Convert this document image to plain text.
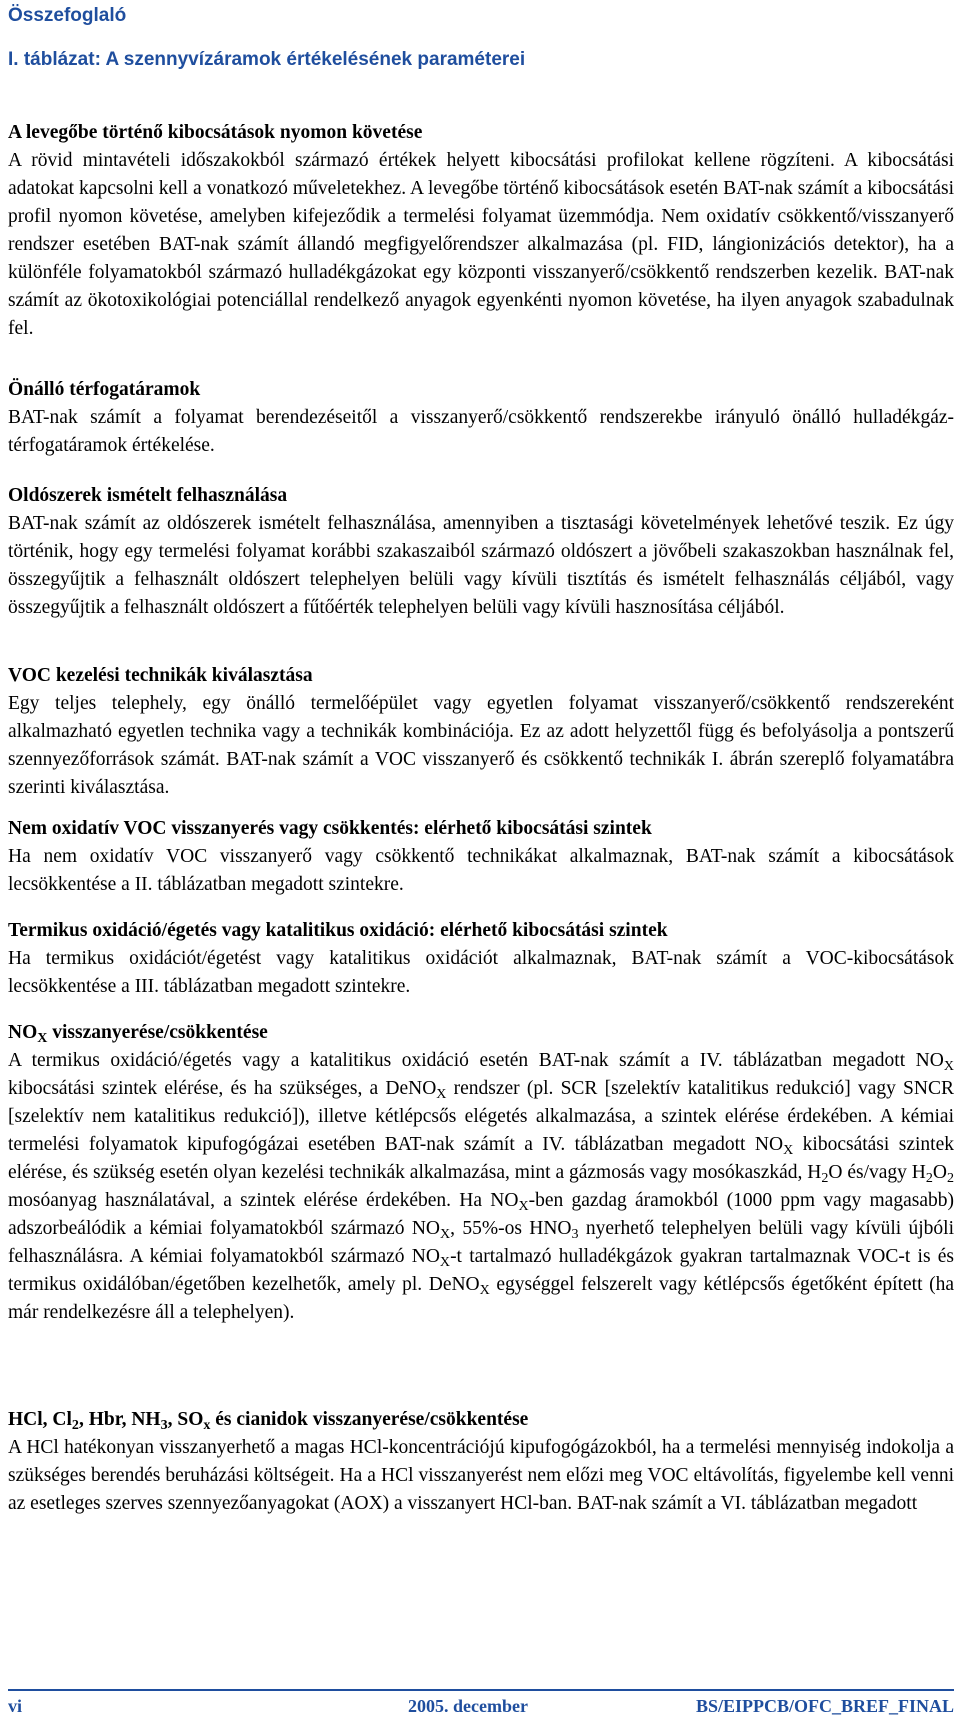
Összefoglaló
I. táblázat: A szennyvízáramok értékelésének paraméterei
A levegőbe történő kibocsátások nyomon követése

A rövid mintavételi időszakokból származó értékek helyett kibocsátási profilokat kellene rögzíteni. A kibocsátási adatokat kapcsolni kell a vonatkozó műveletekhez. A levegőbe történő kibocsátások esetén BAT-nak számít a kibocsátási profil nyomon követése, amelyben kifejeződik a termelési folyamat üzemmódja. Nem oxidatív csökkentő/visszanyerő rendszer esetében BAT-nak számít állandó megfigyelőrendszer alkalmazása (pl. FID, lángionizációs detektor), ha a különféle folyamatokból származó hulladékgázokat egy központi visszanyerő/csökkentő rendszerben kezelik. BAT-nak számít az ökotoxikológiai potenciállal rendelkező anyagok egyenkénti nyomon követése, ha ilyen anyagok szabadulnak fel.

Önálló térfogatáramok

BAT-nak számít a folyamat berendezéseitől a visszanyerő/csökkentő rendszerekbe irányuló önálló hulladékgáz-térfogatáramok értékelése.

Oldószerek ismételt felhasználása

BAT-nak számít az oldószerek ismételt felhasználása, amennyiben a tisztasági követelmények lehetővé teszik. Ez úgy történik, hogy egy termelési folyamat korábbi szakaszaiból származó oldószert a jövőbeli szakaszokban használnak fel, összegyűjtik a felhasznált oldószert telephelyen belüli vagy kívüli tisztítás és ismételt felhasználás céljából, vagy összegyűjtik a felhasznált oldószert a fűtőérték telephelyen belüli vagy kívüli hasznosítása céljából.

VOC kezelési technikák kiválasztása

Egy teljes telephely, egy önálló termelőépület vagy egyetlen folyamat visszanyerő/csökkentő rendszereként alkalmazható egyetlen technika vagy a technikák kombinációja. Ez az adott helyzettől függ és befolyásolja a pontszerű szennyezőforrások számát. BAT-nak számít a VOC visszanyerő és csökkentő technikák I. ábrán szereplő folyamatábra szerinti kiválasztása.

Nem oxidatív VOC visszanyerés vagy csökkentés: elérhető kibocsátási szintek

Ha nem oxidatív VOC visszanyerő vagy csökkentő technikákat alkalmaznak, BAT-nak számít a kibocsátások lecsökkentése a II. táblázatban megadott szintekre.

Termikus oxidáció/égetés vagy katalitikus oxidáció: elérhető kibocsátási szintek

Ha termikus oxidációt/égetést vagy katalitikus oxidációt alkalmaznak, BAT-nak számít a VOC-kibocsátások lecsökkentése a III. táblázatban megadott szintekre.

$NO_X$ visszanyerése/csökkentése

A termikus oxidáció/égetés vagy a katalitikus oxidáció esetén BAT-nak számít a IV. táblázatban megadott $NO_X$ kibocsátási szintek elérése, és ha szükséges, a DeNO$_X$ rendszer (pl. SCR [szelektív katalitikus redukció] vagy SNCR [szelektív nem katalitikus redukció]), illetve kétlépcsős elégetés alkalmazása, a szintek elérése érdekében. A kémiai termelési folyamatok kipufogógázai esetében BAT-nak számít a IV. táblázatban megadott $NO_X$ kibocsátási szintek elérése, és szükség esetén olyan kezelési technikák alkalmazása, mint a gázmosás vagy mosókaszkád, $H_2O$ és/vagy $H_2O_2$ mosóanyag használatával, a szintek elérése érdekében. Ha $NO_X$-ben gazdag áramokból (1000 ppm vagy magasabb) adszorbeálódik a kémiai folyamatokból származó $NO_X$, 55%-os $HNO_3$ nyerhető telephelyen belüli vagy kívüli újbóli felhasználásra. A kémiai folyamatokból származó $NO_X-t$ tartalmazó hulladékgázok gyakran tartalmaznak VOC-t is és termikus oxidálóban/égetőben kezelhetők, amely pl. DeNO$_X$ egységgel felszerelt vagy kétlépcsős égetőként épített (ha már rendelkezésre áll a telephelyen).

HCl, $Cl_2$, Hbr, $NH_3$, $SO_x$ és cianidok visszanyerése/csökkentése

A HCl hatékonyan visszanyerhető a magas HCl-koncentrációjú kipufogógázokból, ha a termelési mennyiség indokolja a szükséges berendés beruházási költségeit. Ha a HCl visszanyerést nem előzi meg VOC eltávolítás, figyelembe kell venni az esetleges szerves szennyezőanyagokat (AOX) a visszanyert HCl-ban. BAT-nak számít a VI. táblázatban megadott

vi	2005. december	BS/EIPPCB/OFC_BREF_FINAL
